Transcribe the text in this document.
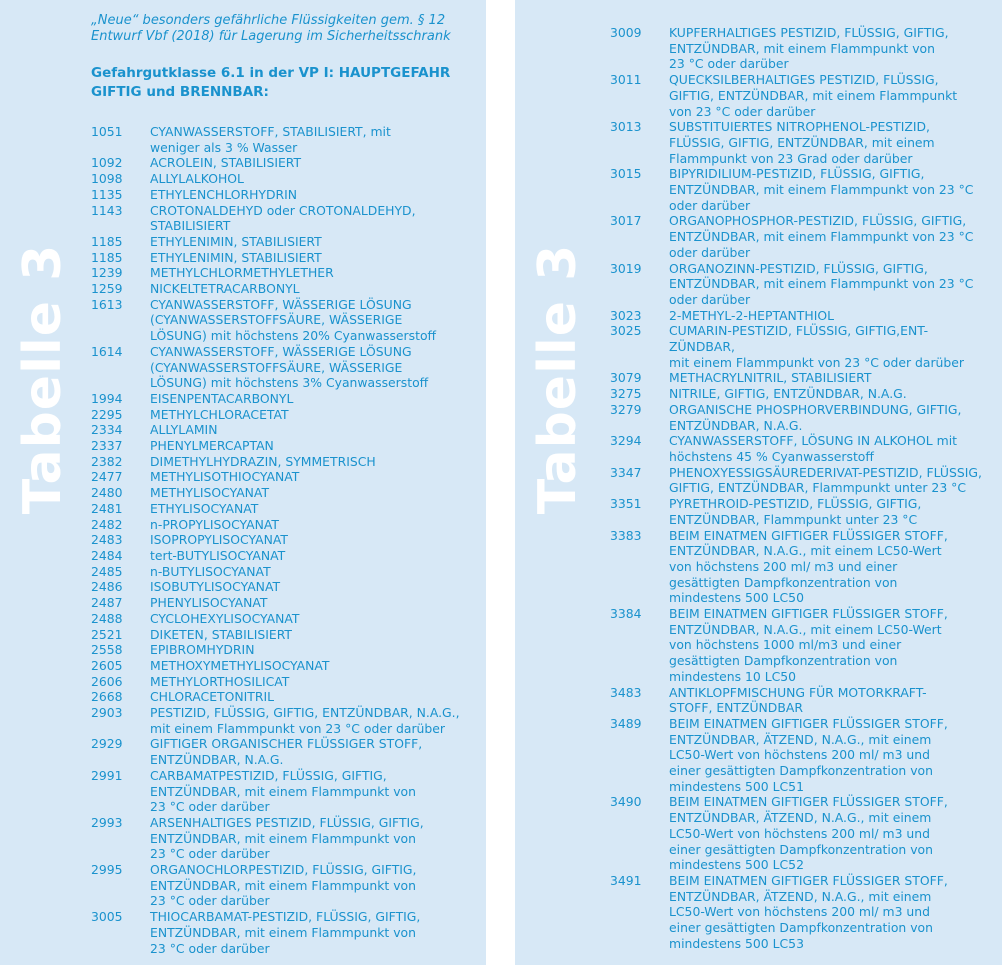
Tabelle 3

„Neue“ besonders gefährliche Flüssigkeiten gem. § 12 Entwurf Vbf (2018) für Lagerung im Sicherheitsschrank

Gefahrgutklasse 6.1 in der VP I: HAUPTGEFAHR GIFTIG und BRENNBAR:

1051	CYANWASSERSTOFF, STABILISIERT, mit
weniger als 3 % Wasser
1092	ACROLEIN, STABILISIERT
1098	ALLYLALKOHOL
1135	ETHYLENCHLORHYDRIN
1143	CROTONALDEHYD oder CROTONALDEHYD,
STABILISIERT
1185	ETHYLENIMIN, STABILISIERT
1185	ETHYLENIMIN, STABILISIERT
1239	METHYLCHLORMETHYLETHER
1259	NICKELTETRACARBONYL
1613	CYANWASSERSTOFF, WÄSSERIGE LÖSUNG
(CYANWASSERSTOFFSÄURE, WÄSSERIGE
LÖSUNG) mit höchstens 20% Cyanwasserstoff
1614	CYANWASSERSTOFF, WÄSSERIGE LÖSUNG
(CYANWASSERSTOFFSÄURE, WÄSSERIGE
LÖSUNG) mit höchstens 3% Cyanwasserstoff
1994	EISENPENTACARBONYL
2295	METHYLCHLORACETAT
2334	ALLYLAMIN
2337	PHENYLMERCAPTAN
2382	DIMETHYLHYDRAZIN, SYMMETRISCH
2477	METHYLISOTHIOCYANAT
2480	METHYLISOCYANAT
2481	ETHYLISOCYANAT
2482	n-PROPYLISOCYANAT
2483	ISOPROPYLISOCYANAT
2484	tert-BUTYLISOCYANAT
2485	n-BUTYLISOCYANAT
2486	ISOBUTYLISOCYANAT
2487	PHENYLISOCYANAT
2488	CYCLOHEXYLISOCYANAT
2521	DIKETEN, STABILISIERT
2558	EPIBROMHYDRIN
2605	METHOXYMETHYLISOCYANAT
2606	METHYLORTHOSILICAT
2668	CHLORACETONITRIL
2903	PESTIZID, FLÜSSIG, GIFTIG, ENTZÜNDBAR, N.A.G.,
mit einem Flammpunkt von 23 °C oder darüber
2929	GIFTIGER ORGANISCHER FLÜSSIGER STOFF,
ENTZÜNDBAR, N.A.G.
2991	CARBAMATPESTIZID, FLÜSSIG, GIFTIG,
ENTZÜNDBAR, mit einem Flammpunkt von
23 °C oder darüber
2993	ARSENHALTIGES PESTIZID, FLÜSSIG, GIFTIG,
ENTZÜNDBAR, mit einem Flammpunkt von
23 °C oder darüber
2995	ORGANOCHLORPESTIZID, FLÜSSIG, GIFTIG,
ENTZÜNDBAR, mit einem Flammpunkt von
23 °C oder darüber
3005	THIOCARBAMAT-PESTIZID, FLÜSSIG, GIFTIG,
ENTZÜNDBAR, mit einem Flammpunkt von
23 °C oder darüber
Tabelle 3
3009	KUPFERHALTIGES PESTIZID, FLÜSSIG, GIFTIG,
ENTZÜNDBAR, mit einem Flammpunkt von
23 °C oder darüber
3011	QUECKSILBERHALTIGES PESTIZID, FLÜSSIG,
GIFTIG, ENTZÜNDBAR, mit einem Flammpunkt
von 23 °C oder darüber
3013	SUBSTITUIERTES NITROPHENOL-PESTIZID,
FLÜSSIG, GIFTIG, ENTZÜNDBAR, mit einem
Flammpunkt von 23 Grad oder darüber
3015	BIPYRIDILIUM-PESTIZID, FLÜSSIG, GIFTIG,
ENTZÜNDBAR, mit einem Flammpunkt von 23 °C
oder darüber
3017	ORGANOPHOSPHOR-PESTIZID, FLÜSSIG, GIFTIG,
ENTZÜNDBAR, mit einem Flammpunkt von 23 °C
oder darüber
3019	ORGANOZINN-PESTIZID, FLÜSSIG, GIFTIG,
ENTZÜNDBAR, mit einem Flammpunkt von 23 °C
oder darüber
3023	2-METHYL-2-HEPTANTHIOL
3025	CUMARIN-PESTIZID, FLÜSSIG, GIFTIG,ENT-
ZÜNDBAR,
mit einem Flammpunkt von 23 °C oder darüber
3079	METHACRYLNITRIL, STABILISIERT
3275	NITRILE, GIFTIG, ENTZÜNDBAR, N.A.G.
3279	ORGANISCHE PHOSPHORVERBINDUNG, GIFTIG,
ENTZÜNDBAR, N.A.G.
3294	CYANWASSERSTOFF, LÖSUNG IN ALKOHOL mit
höchstens 45 % Cyanwasserstoff
3347	PHENOXYESSIGSÄUREDERIVAT-PESTIZID, FLÜSSIG,
GIFTIG, ENTZÜNDBAR, Flammpunkt unter 23 °C
3351	PYRETHROID-PESTIZID, FLÜSSIG, GIFTIG,
ENTZÜNDBAR, Flammpunkt unter 23 °C
3383	BEIM EINATMEN GIFTIGER FLÜSSIGER STOFF,
ENTZÜNDBAR, N.A.G., mit einem LC50-Wert
von höchstens 200 ml/ m3 und einer
gesättigten Dampfkonzentration von
mindestens 500 LC50
3384	BEIM EINATMEN GIFTIGER FLÜSSIGER STOFF,
ENTZÜNDBAR, N.A.G., mit einem LC50-Wert
von höchstens 1000 ml/m3 und einer
gesättigten Dampfkonzentration von
mindestens 10 LC50
3483	ANTIKLOPFMISCHUNG FÜR MOTORKRAFT-
STOFF, ENTZÜNDBAR
3489	BEIM EINATMEN GIFTIGER FLÜSSIGER STOFF,
ENTZÜNDBAR, ÄTZEND, N.A.G., mit einem
LC50-Wert von höchstens 200 ml/ m3 und
einer gesättigten Dampfkonzentration von
mindestens 500 LC51
3490	BEIM EINATMEN GIFTIGER FLÜSSIGER STOFF,
ENTZÜNDBAR, ÄTZEND, N.A.G., mit einem
LC50-Wert von höchstens 200 ml/ m3 und
einer gesättigten Dampfkonzentration von
mindestens 500 LC52
3491	BEIM EINATMEN GIFTIGER FLÜSSIGER STOFF,
ENTZÜNDBAR, ÄTZEND, N.A.G., mit einem
LC50-Wert von höchstens 200 ml/ m3 und
einer gesättigten Dampfkonzentration von
mindestens 500 LC53
